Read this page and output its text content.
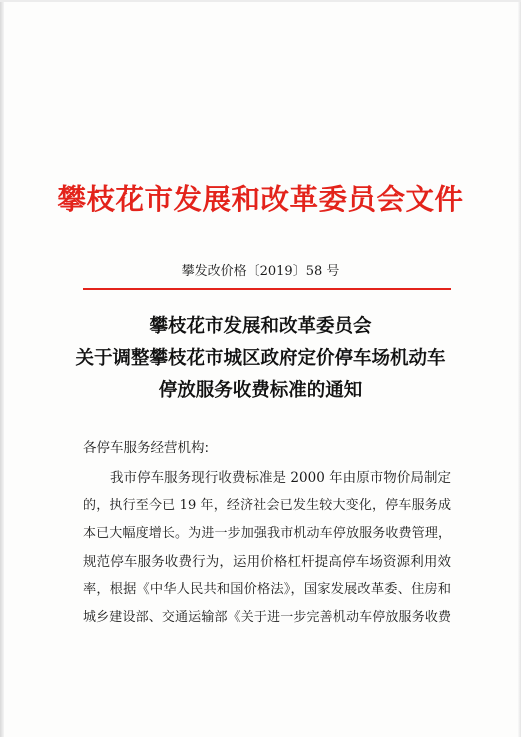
攀枝花市发展和改革委员会文件
攀发改价格〔2019〕58 号
攀枝花市发展和改革委员会
关于调整攀枝花市城区政府定价停车场机动车
停放服务收费标准的通知
各停车服务经营机构:
我市停车服务现行收费标准是 2000 年由原市物价局制定
的，执行至今已 19 年，经济社会已发生较大变化，停车服务成
本已大幅度增长。为进一步加强我市机动车停放服务收费管理，
规范停车服务收费行为，运用价格杠杆提高停车场资源利用效
率，根据《中华人民共和国价格法》，国家发展改革委、住房和
城乡建设部、交通运输部《关于进一步完善机动车停放服务收费
